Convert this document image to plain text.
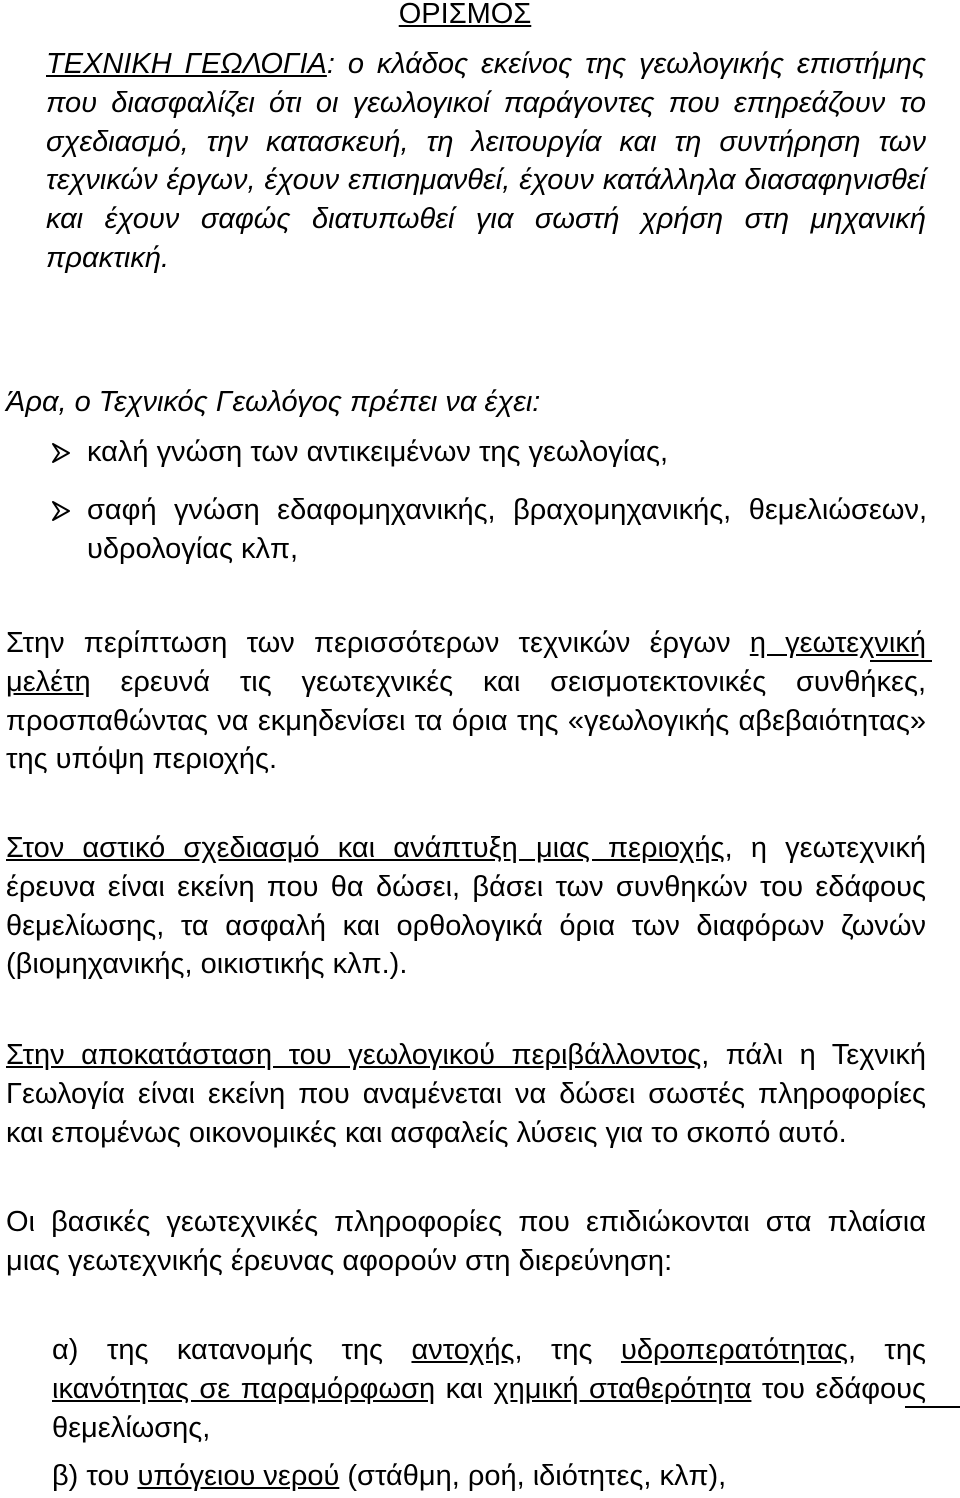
ΟΡΙΣΜΟΣ

ΤΕΧΝΙΚΗ ΓΕΩΛΟΓΙΑ: ο κλάδος εκείνος της γεωλογικής επιστήμης που διασφαλίζει ότι οι γεωλογικοί παράγοντες που επηρεάζουν το σχεδιασμό, την κατασκευή, τη λειτουργία και τη συντήρηση των τεχνικών έργων, έχουν επισημανθεί, έχουν κατάλληλα διασαφηνισθεί και έχουν σαφώς διατυπωθεί για σωστή χρήση στη μηχανική πρακτική.

Άρα, ο Τεχνικός Γεωλόγος πρέπει να έχει:

καλή γνώση των αντικειμένων της γεωλογίας,

σαφή γνώση εδαφομηχανικής, βραχομηχανικής, θεμελιώσεων, υδρολογίας κλπ,

Στην περίπτωση των περισσότερων τεχνικών έργων η γεωτεχνική μελέτη ερευνά τις γεωτεχνικές και σεισμοτεκτονικές συνθήκες, προσπαθώντας να εκμηδενίσει τα όρια της «γεωλογικής αβεβαιότητας» της υπόψη περιοχής.

Στον αστικό σχεδιασμό και ανάπτυξη μιας περιοχής, η γεωτεχνική έρευνα είναι εκείνη που θα δώσει, βάσει των συνθηκών του εδάφους θεμελίωσης, τα ασφαλή και ορθολογικά όρια των διαφόρων ζωνών (βιομηχανικής, οικιστικής κλπ.).

Στην αποκατάσταση του γεωλογικού περιβάλλοντος, πάλι η Τεχνική Γεωλογία είναι εκείνη που αναμένεται να δώσει σωστές πληροφορίες και επομένως οικονομικές και ασφαλείς λύσεις για το σκοπό αυτό.

Οι βασικές γεωτεχνικές πληροφορίες που επιδιώκονται στα πλαίσια μιας γεωτεχνικής έρευνας αφορούν στη διερεύνηση:

α) της κατανομής της αντοχής, της υδροπερατότητας, της ικανότητας σε παραμόρφωση και χημική σταθερότητα του εδάφους θεμελίωσης,

β) του υπόγειου νερού (στάθμη, ροή, ιδιότητες, κλπ),
